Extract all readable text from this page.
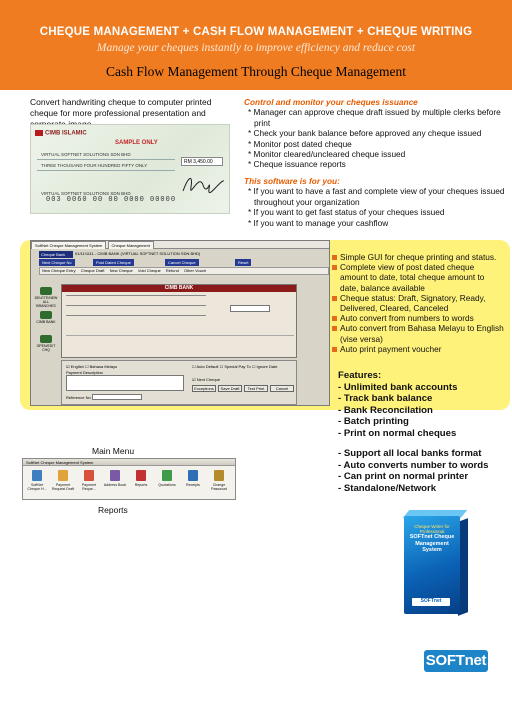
CHEQUE MANAGEMENT + CASH FLOW MANAGEMENT + CHEQUE WRITING
Manage your cheques instantly to improve efficiency and reduce cost
Cash Flow Management Through Cheque Management
Convert handwriting cheque to computer printed cheque for more professional presentation and
CIMB ISLAMIC
SAMPLE ONLY
VIRTUAL SOFTNET SOLUTIONS SDN BHD
THREE THOUSAND FOUR HUNDRED FIFTY ONLY
RM 3,450.00
VIRTUAL SOFTNET SOLUTIONS SDN BHD
003 0060 00 00 0000 00000
Control and monitor your cheques issuance
* Manager can approve cheque draft issued by multiple clerks before print
* Check your bank balance before approved any cheque issued
* Monitor post dated cheque
* Monitor cleared/uncleared cheque issued
* Cheque issuance reports
This software is for you:
* If you want to have a fast and complete view of your cheques issued throughout your organization
* If you want to get fast status of your cheques issued
* If you want to manage your cashflow
SoftNet Cheque Management System Cheque Management
Cheque Bank	01/11/1111 - CIMB BANK (VIRTUAL SOFTNET SOLUTION SDN BHD)
Next Cheque No	Post Dated Cheque	Cancel Cheque	Reset
New Cheque Entry Cheque Draft New Cheque Void Cheque Refund Other Vouch
DELETE/NEW ALL BRANCHES
CIMB BANK
OPEN/EDIT CHQ
CIMB BANK
☑ English ☐ Bahasa Melayu	☐ Auto Default ☐ Special Pay To ☐ Ignore Date
Payment Description
Reference No
☑ Next Cheque
Exceptions	Save Draft	Test Print	Cancel
Simple GUI for cheque printing and status.
Complete view of post dated cheque amount to date, total cheque amount to date, balance available
Cheque status: Draft, Signatory, Ready, Delivered, Cleared, Canceled
Auto convert from numbers to words
Auto convert from Bahasa Melayu to English (vise versa)
Auto print payment voucher
Features:
- Unlimited bank accounts
- Track bank balance
- Bank Reconcilation
- Batch printing
- Print on normal cheques
- Support all local banks format
- Auto converts number to words
- Can print on normal printer
- Standalone/Network
Main Menu
SoftNet Cheque Management System
SoftNet Cheque H...
Payment Request Draft
Payment Reque...
Address Book	Reports	Quotations	Receipts	Change Password
Reports
Cheque Writer for Professional
SOFTnet Cheque Management System
SOFTnet
SOFTnet
